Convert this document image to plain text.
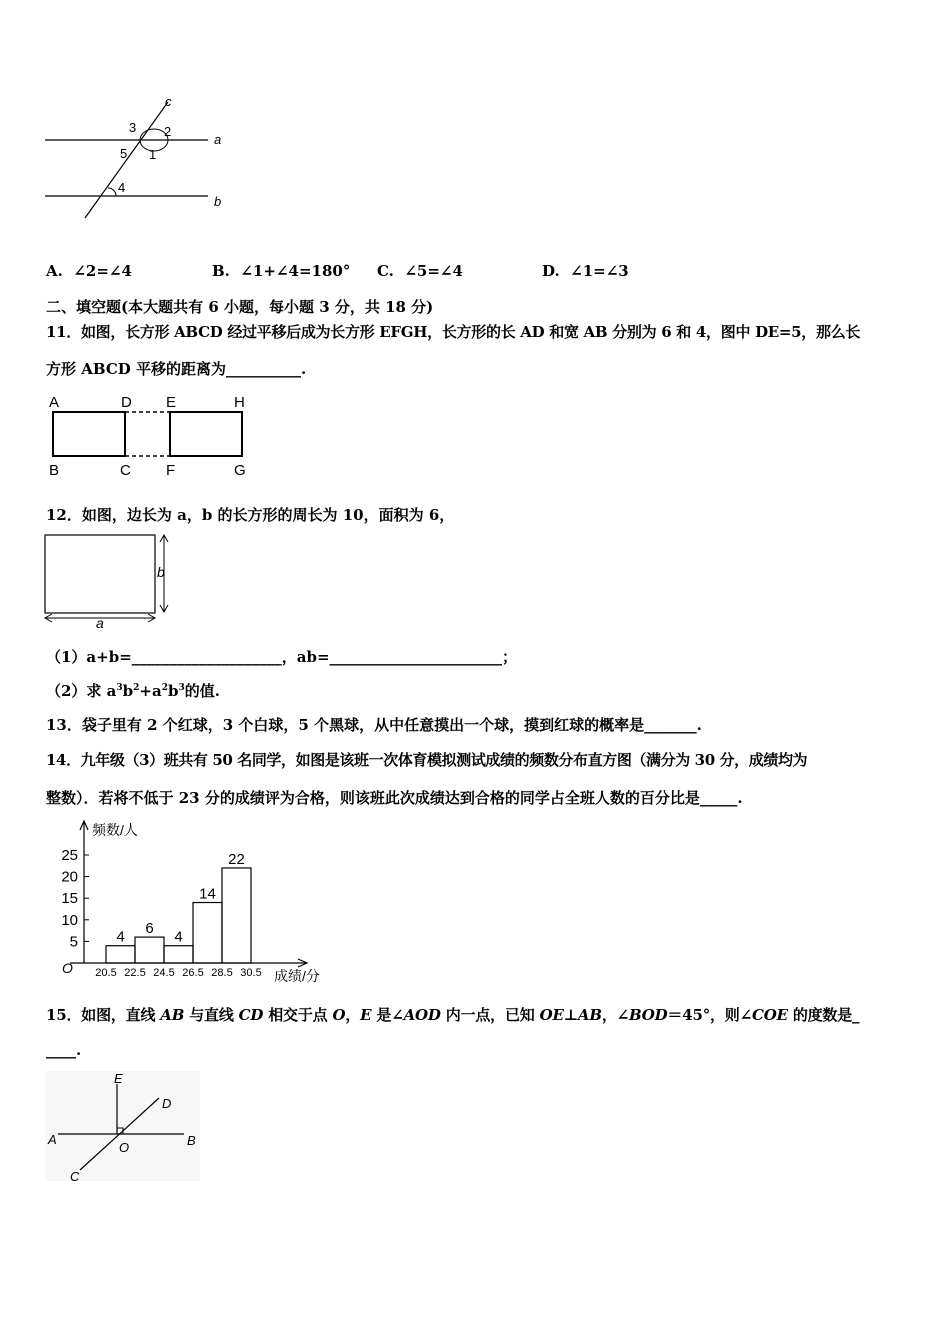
c
a
b
3 2
5 1
4
A. ∠2=∠4	B. ∠1+∠4=180° C. ∠5=∠4	D. ∠1=∠3
二、填空题(本大题共有 6 小题，每小题 3 分，共 18 分)
11．如图，长方形 ABCD 经过平移后成为长方形 EFGH，长方形的长 AD 和宽 AB 分别为 6 和 4，图中 DE=5，那么长
方形 ABCD 平移的距离为__________.
A	D E	H
B	C F	G
12．如图，边长为 a，b 的长方形的周长为 10，面积为 6，
b
a
（1）a+b=____________________，ab=_______________________；
（2）求 $a^3b^2+a^2b^3$的值.
13．袋子里有 2 个红球，3 个白球，5 个黑球，从中任意摸出一个球，摸到红球的概率是_______.
14．九年级（3）班共有 50 名同学，如图是该班一次体育模拟测试成绩的频数分布直方图（满分为 30 分，成绩均为
整数）．若将不低于 23 分的成绩评为合格，则该班此次成绩达到合格的同学占全班人数的百分比是_____.
频数/人
成绩/分
O
5
10
15
20
25
4
6
4
14
22
20.5 22.5 24.5 26.5 28.5 30.5
15．如图，直线 AB 与直线 CD 相交于点 O，E 是∠AOD 内一点，已知 OE⊥AB，∠BOD＝45°，则∠COE 的度数是_
____.
E
D
A	B
O
C
